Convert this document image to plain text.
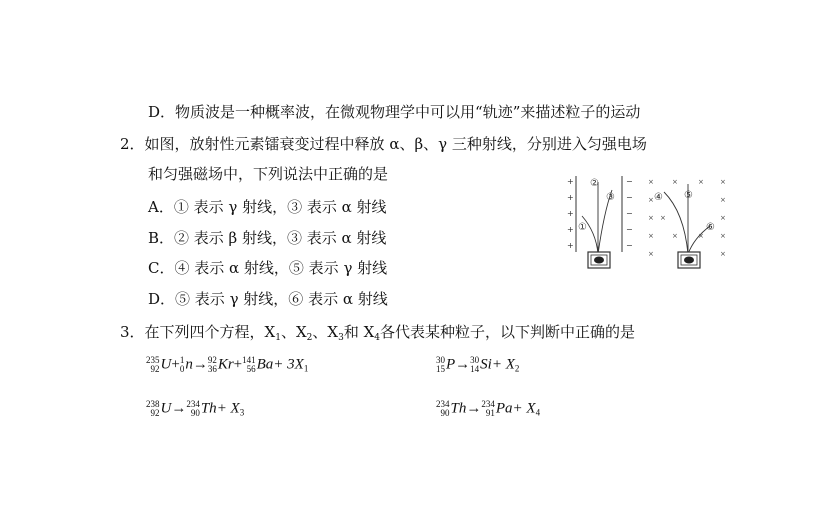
D．物质波是一种概率波，在微观物理学中可以用“轨迹”来描述粒子的运动
2．如图，放射性元素镭衰变过程中释放 α、β、γ 三种射线，分别进入匀强电场
和匀强磁场中，下列说法中正确的是
A．① 表示 γ 射线，③ 表示 α 射线
B．② 表示 β 射线，③ 表示 α 射线
C．④ 表示 α 射线，⑤ 表示 γ 射线
D．⑤ 表示 γ 射线，⑥ 表示 α 射线
3．在下列四个方程，$X_1$、$X_2$、$X_3$和 $X_4$各代表某种粒子，以下判断中正确的是
235
92 U+ 1
0 n→ 92
36 Kr+ 141
56 $Ba+ 3X_1$
30
15 P→ 30
14 $Si+ X_2$
238
92 U→ 234
90 $Th+ X_3$
234
90 Th→ 234
91 $Pa+ X_4$
+
+
+
+
+
−
−
−
−
−
①
②
③
×	×	× ×
×	×
× ×	×
×	×	× ×
×	×
④ ⑤
⑥
